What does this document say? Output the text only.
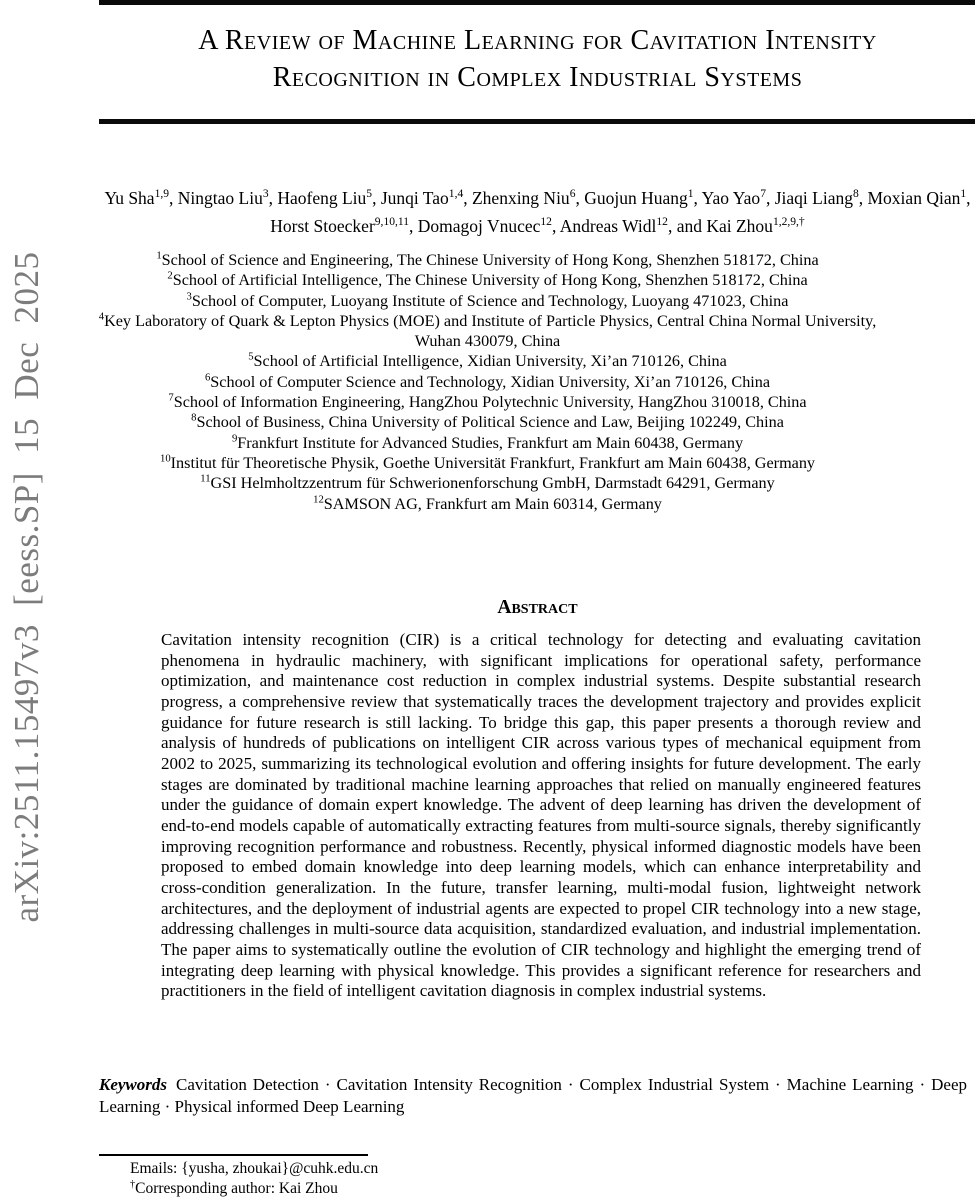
arXiv:2511.15497v3 [eess.SP] 15 Dec 2025
A Review of Machine Learning for Cavitation Intensity
Recognition in Complex Industrial Systems
Yu Sha$^{1,9}$, Ningtao Liu$^3$, Haofeng Liu$^5$, Junqi Tao$^{1,4}$, Zhenxing Niu$^6$, Guojun Huang$^1$, Yao Yao$^7$, Jiaqi Liang$^8$, Moxian Qian$^1$, Horst Stoecker$^{9,10,11}$, Domagoj Vnucec$^{12}$, Andreas Widl$^{12}$, and Kai Zhou$^{1,2,9,\dagger}$
$^1$School of Science and Engineering, The Chinese University of Hong Kong, Shenzhen 518172, China
$^2$School of Artificial Intelligence, The Chinese University of Hong Kong, Shenzhen 518172, China
$^3$School of Computer, Luoyang Institute of Science and Technology, Luoyang 471023, China
$^4$Key Laboratory of Quark & Lepton Physics (MOE) and Institute of Particle Physics, Central China Normal University,
Wuhan 430079, China
$^5$School of Artificial Intelligence, Xidian University, Xi’an 710126, China
$^6$School of Computer Science and Technology, Xidian University, Xi’an 710126, China
$^7$School of Information Engineering, HangZhou Polytechnic University, HangZhou 310018, China
$^8$School of Business, China University of Political Science and Law, Beijing 102249, China
$^9$Frankfurt Institute for Advanced Studies, Frankfurt am Main 60438, Germany
$^{10}$Institut für Theoretische Physik, Goethe Universität Frankfurt, Frankfurt am Main 60438, Germany
$^{11}$GSI Helmholtzzentrum für Schwerionenforschung GmbH, Darmstadt 64291, Germany
$^{12}$SAMSON AG, Frankfurt am Main 60314, Germany
Abstract
Cavitation intensity recognition (CIR) is a critical technology for detecting and evaluating cavitation phenomena in hydraulic machinery, with significant implications for operational safety, performance optimization, and maintenance cost reduction in complex industrial systems. Despite substantial research progress, a comprehensive review that systematically traces the development trajectory and provides explicit guidance for future research is still lacking. To bridge this gap, this paper presents a thorough review and analysis of hundreds of publications on intelligent CIR across various types of mechanical equipment from 2002 to 2025, summarizing its technological evolution and offering insights for future development. The early stages are dominated by traditional machine learning approaches that relied on manually engineered features under the guidance of domain expert knowledge. The advent of deep learning has driven the development of end-to-end models capable of automatically extracting features from multi-source signals, thereby significantly improving recognition performance and robustness. Recently, physical informed diagnostic models have been proposed to embed domain knowledge into deep learning models, which can enhance interpretability and cross-condition generalization. In the future, transfer learning, multi-modal fusion, lightweight network architectures, and the deployment of industrial agents are expected to propel CIR technology into a new stage, addressing challenges in multi-source data acquisition, standardized evaluation, and industrial implementation. The paper aims to systematically outline the evolution of CIR technology and highlight the emerging trend of integrating deep learning with physical knowledge. This provides a significant reference for researchers and practitioners in the field of intelligent cavitation diagnosis in complex industrial systems.
Keywords Cavitation Detection · Cavitation Intensity Recognition · Complex Industrial System · Machine Learning · Deep Learning · Physical informed Deep Learning
Emails: {yusha, zhoukai}@cuhk.edu.cn
†Corresponding author: Kai Zhou
